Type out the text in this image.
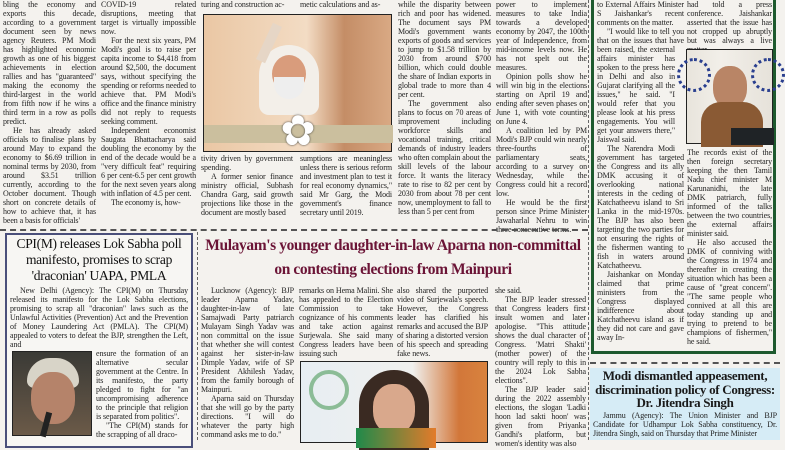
bling the economy and exports this decade, according to a government document seen by news agency Reuters. PM Modi has highlighted economic growth as one of his biggest achievements in election rallies and has "guaranteed" making the economy the third-largest in the world from fifth now if he wins a third term in a row as polls predict.

He has already asked officials to finalise plans by around May to expand the economy to $6.69 trillion in nominal terms by 2030, from around $3.51 trillion currently, according to the October document. Though short on concrete details of how to achieve that, it has been a basis for officials'

COVID-19 related disruptions, meeting that target is virtually impossible now.

For the next six years, PM Modi's goal is to raise per capita income to $4,418 from around $2,500, the document says, without specifying the spending or reforms needed to achieve that. PM Modi's office and the finance ministry did not reply to requests seeking comment.

Independent economist Saugata Bhattacharya said doubling the economy by the end of the decade would be a "very difficult feat" requiring 6 per cent-6.5 per cent growth for the next seven years along with inflation of 4.5 per cent.

The economy is, how-

turing and construction ac-	metic calculations and as-
✿

tivity driven by government spending.

A former senior finance ministry official, Subhash Chandra Garg, said growth projections like those in the document are mostly based

sumptions are meaningless unless there is serious reform and investment plan to test it for real economy dynamics," said Mr Garg, the Modi government's finance secretary until 2019.

while the disparity between rich and poor has widened. The document says PM Modi's government wants exports of goods and services to jump to $1.58 trillion by 2030 from around $700 billion, which could double the share of Indian exports in global trade to more than 4 per cent.

The government also plans to focus on 70 areas of improvement including workforce skills and vocational training, critical demands of industry leaders who often complain about the skill levels of the labour force. It wants the literacy rate to rise to 82 per cent by 2030 from about 78 per cent now, unemployment to fall to less than 5 per cent from

power to implement measures to take India towards a developed economy by 2047, the 100th year of Independence, from mid-income levels now. He has not spelt out the measures.

Opinion polls show he will win big in the elections starting on April 19 and ending after seven phases on June 1, with vote counting on June 4.

A coalition led by PM Modi's BJP could win nearly three-fourths of parliamentary seats, according to a survey on Wednesday, while the Congress could hit a record low.

He would be the first person since Prime Minister Jawaharlal Nehru to win three consecutive terms.

to External Affairs Minister S Jaishankar's recent comments on the matter.

"I would like to tell you that on the issues that have been raised, the external affairs minister has spoken to the press here in Delhi and also in Gujarat clarifying all the issues," he said. "I would refer that you please look at his press engagements. You will get your answers there," Jaiswal said.

The Narendra Modi government has targeted the Congress and its ally DMK accusing it of overlooking national interests in the ceding of Katchatheevu island to Sri Lanka in the mid-1970s. The BJP has also been targeting the two parties for not ensuring the rights of the fishermen wanting to fish in waters around Katchatheevu.

Jaishankar on Monday claimed that prime ministers from the Congress displayed indifference about Katchatheevu island as if they did not care and gave away In-

had told a press conference. Jaishankar asserted that the issue has not cropped up abruptly but was always a live

The records exist of the then foreign secretary keeping the then Tamil Nadu chief minister M Karunanidhi, the late DMK patriarch, fully informed of the talks between the two countries, the external affairs minister said.

He also accused the DMK of conniving with the Congress in 1974 and thereafter in creating the situation which has been a cause of "great concern". "The same people who connived at all this are today standing up and trying to pretend to be champions of fishermen," he said.

Modi dismantled appeasement, discrimination policy of Congress: Dr. Jitendra Singh
Jammu (Agency): The Union Minister and BJP Candidate for Udhampur Lok Sabha constituency, Dr. Jitendra Singh, said on Thursday that Prime Minister
CPI(M) releases Lok Sabha poll manifesto, promises to scrap 'draconian' UAPA, PMLA

New Delhi (Agency): The CPI(M) on Thursday released its manifesto for the Lok Sabha elections, promising to scrap all "draconian" laws such as the Unlawful Activities (Prevention) Act and the Prevention of Money Laundering Act (PMLA). The CPI(M) appealed to voters to defeat the BJP, strengthen the Left, and

ensure the formation of an alternative secular government at the Centre. In its manifesto, the party pledged to fight for "an uncompromising adherence to the principle that religion is separated from politics".

"The CPI(M) stands for the scrapping of all draco-

Mulayam's younger daughter-in-law Aparna non-committal on contesting elections from Mainpuri

Lucknow (Agency): BJP leader Aparna Yadav, daughter-in-law of late Samajwadi Party patriarch Mulayam Singh Yadav was non committal on the issue that whether she will contest against her sister-in-law Dimple Yadav, wife of SP President Akhilesh Yadav, from the family borough of Mainpuri.

Aparna said on Thursday that she will go by the party directions. "I will do whatever the party high command asks me to do."

remarks on Hema Malini. She has appealed to the Election Commission to take cognizance of his comments and take action against Surjewala. She said many Congress leaders have been issuing such

also shared the purported video of Surjewala's speech. However, the Congress leader has clarified his remarks and accused the BJP of sharing a distorted version of his speech and spreading fake news.

she said.

The BJP leader stressed that Congress leaders first insult women and later apologise. "This attitude shows the dual character of Congress. 'Matri Shakti' (mother power) of the country will reply to this in the 2024 Lok Sabha elections".

The BJP leader said during the 2022 assembly elections, the slogan 'Ladki hoon lad sakti hoon' was given from Priyanka Gandhi's platform, but women's identity was also
